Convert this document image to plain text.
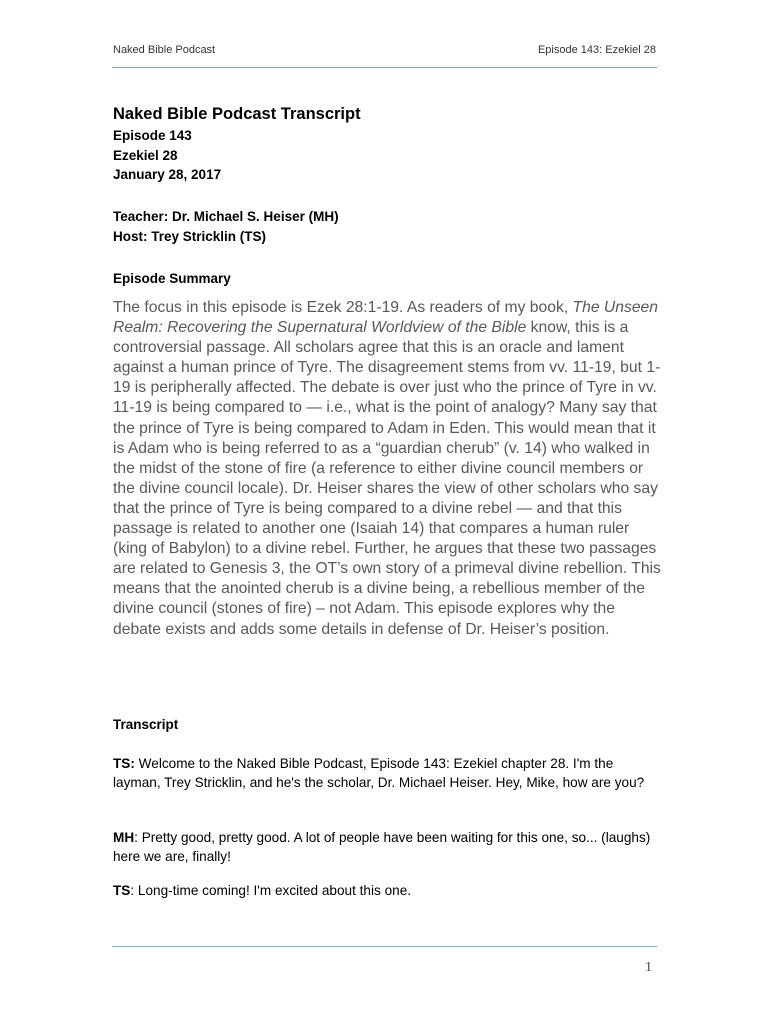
Naked Bible Podcast	Episode 143: Ezekiel 28
Naked Bible Podcast Transcript
Episode 143
Ezekiel 28
January 28, 2017
Teacher: Dr. Michael S. Heiser (MH)
Host: Trey Stricklin (TS)
Episode Summary
The focus in this episode is Ezek 28:1-19. As readers of my book, The Unseen Realm: Recovering the Supernatural Worldview of the Bible know, this is a controversial passage. All scholars agree that this is an oracle and lament against a human prince of Tyre. The disagreement stems from vv. 11-19, but 1-19 is peripherally affected. The debate is over just who the prince of Tyre in vv. 11-19 is being compared to — i.e., what is the point of analogy? Many say that the prince of Tyre is being compared to Adam in Eden. This would mean that it is Adam who is being referred to as a “guardian cherub” (v. 14) who walked in the midst of the stone of fire (a reference to either divine council members or the divine council locale). Dr. Heiser shares the view of other scholars who say that the prince of Tyre is being compared to a divine rebel — and that this passage is related to another one (Isaiah 14) that compares a human ruler (king of Babylon) to a divine rebel. Further, he argues that these two passages are related to Genesis 3, the OT’s own story of a primeval divine rebellion. This means that the anointed cherub is a divine being, a rebellious member of the divine council (stones of fire) – not Adam. This episode explores why the debate exists and adds some details in defense of Dr. Heiser’s position.
Transcript
TS: Welcome to the Naked Bible Podcast, Episode 143: Ezekiel chapter 28. I'm the layman, Trey Stricklin, and he's the scholar, Dr. Michael Heiser. Hey, Mike, how are you?
MH: Pretty good, pretty good. A lot of people have been waiting for this one, so... (laughs) here we are, finally!
TS: Long-time coming! I'm excited about this one.
1
